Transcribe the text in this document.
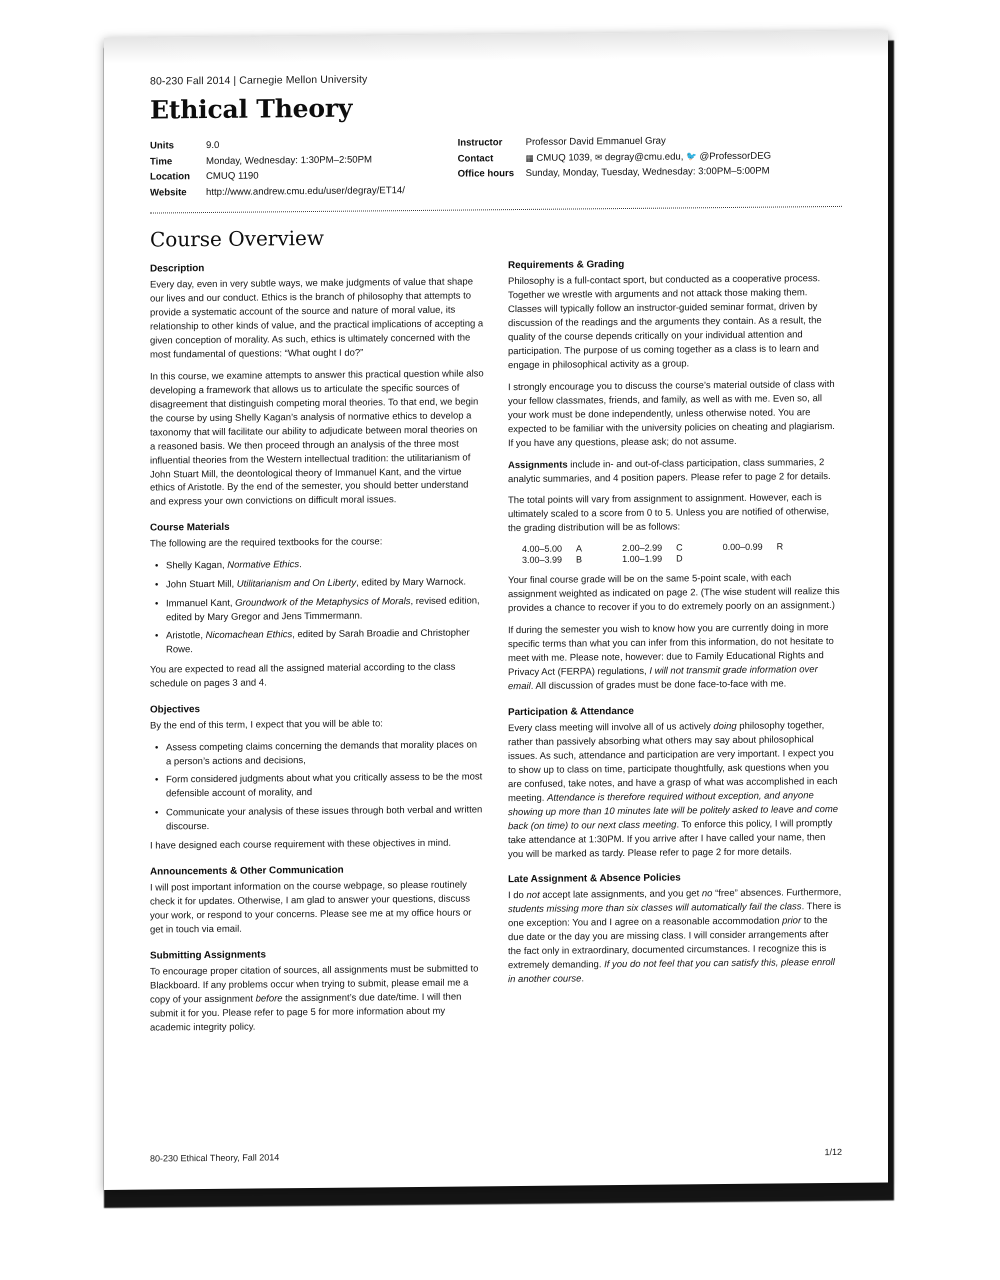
80-230 Fall 2014 | Carnegie Mellon University
Ethical Theory
Units	9.0
Time	Monday, Wednesday: 1:30PM–2:50PM
Location	CMUQ 1190
Website	http://www.andrew.cmu.edu/user/degray/ET14/
Instructor	Professor David Emmanuel Gray
Contact	▦ CMUQ 1039, ✉ degray@cmu.edu, 🐦 @ProfessorDEG
Office hours	Sunday, Monday, Tuesday, Wednesday: 3:00PM–5:00PM
Course Overview
Description

Every day, even in very subtle ways, we make judgments of value that shape our lives and our conduct. Ethics is the branch of philosophy that attempts to provide a systematic account of the source and nature of moral value, its relationship to other kinds of value, and the practical implications of accepting a given conception of morality. As such, ethics is ultimately concerned with the most fundamental of questions: “What ought I do?”

In this course, we examine attempts to answer this practical question while also developing a framework that allows us to articulate the specific sources of disagreement that distinguish competing moral theories. To that end, we begin the course by using Shelly Kagan’s analysis of normative ethics to develop a taxonomy that will facilitate our ability to adjudicate between moral theories on a reasoned basis. We then proceed through an analysis of the three most influential theories from the Western intellectual tradition: the utilitarianism of John Stuart Mill, the deontological theory of Immanuel Kant, and the virtue ethics of Aristotle. By the end of the semester, you should better understand and express your own convictions on difficult moral issues.

Course Materials

The following are the required textbooks for the course:

• Shelly Kagan, Normative Ethics.
• John Stuart Mill, Utilitarianism and On Liberty, edited by Mary Warnock.
• Immanuel Kant, Groundwork of the Metaphysics of Morals, revised edition, edited by Mary Gregor and Jens Timmermann.
• Aristotle, Nicomachean Ethics, edited by Sarah Broadie and Christopher Rowe.

You are expected to read all the assigned material according to the class schedule on pages 3 and 4.

Objectives

By the end of this term, I expect that you will be able to:

• Assess competing claims concerning the demands that morality places on a person’s actions and decisions,
• Form considered judgments about what you critically assess to be the most defensible account of morality, and
• Communicate your analysis of these issues through both verbal and written discourse.

I have designed each course requirement with these objectives in mind.

Announcements & Other Communication

I will post important information on the course webpage, so please routinely check it for updates. Otherwise, I am glad to answer your questions, discuss your work, or respond to your concerns. Please see me at my office hours or get in touch via email.

Submitting Assignments

To encourage proper citation of sources, all assignments must be submitted to Blackboard. If any problems occur when trying to submit, please email me a copy of your assignment before the assignment’s due date/time. I will then submit it for you. Please refer to page 5 for more information about my academic integrity policy.

Requirements & Grading

Philosophy is a full-contact sport, but conducted as a cooperative process. Together we wrestle with arguments and not attack those making them. Classes will typically follow an instructor-guided seminar format, driven by discussion of the readings and the arguments they contain. As a result, the quality of the course depends critically on your individual attention and participation. The purpose of us coming together as a class is to learn and engage in philosophical activity as a group.

I strongly encourage you to discuss the course’s material outside of class with your fellow classmates, friends, and family, as well as with me. Even so, all your work must be done independently, unless otherwise noted. You are expected to be familiar with the university policies on cheating and plagiarism. If you have any questions, please ask; do not assume.

Assignments include in- and out-of-class participation, class summaries, 2 analytic summaries, and 4 position papers. Please refer to page 2 for details.

The total points will vary from assignment to assignment. However, each is ultimately scaled to a score from 0 to 5. Unless you are notified of otherwise, the grading distribution will be as follows:

4.00–5.00	A	2.00–2.99	C	0.00–0.99	R
3.00–3.99	B	1.00–1.99	D		

Your final course grade will be on the same 5-point scale, with each assignment weighted as indicated on page 2. (The wise student will realize this provides a chance to recover if you to do extremely poorly on an assignment.)

If during the semester you wish to know how you are currently doing in more specific terms than what you can infer from this information, do not hesitate to meet with me. Please note, however: due to Family Educational Rights and Privacy Act (FERPA) regulations, I will not transmit grade information over email. All discussion of grades must be done face-to-face with me.

Participation & Attendance

Every class meeting will involve all of us actively doing philosophy together, rather than passively absorbing what others may say about philosophical issues. As such, attendance and participation are very important. I expect you to show up to class on time, participate thoughtfully, ask questions when you are confused, take notes, and have a grasp of what was accomplished in each meeting. Attendance is therefore required without exception, and anyone showing up more than 10 minutes late will be politely asked to leave and come back (on time) to our next class meeting. To enforce this policy, I will promptly take attendance at 1:30PM. If you arrive after I have called your name, then you will be marked as tardy. Please refer to page 2 for more details.

Late Assignment & Absence Policies

I do not accept late assignments, and you get no “free” absences. Furthermore, students missing more than six classes will automatically fail the class. There is one exception: You and I agree on a reasonable accommodation prior to the due date or the day you are missing class. I will consider arrangements after the fact only in extraordinary, documented circumstances. I recognize this is extremely demanding. If you do not feel that you can satisfy this, please enroll in another course.

80-230 Ethical Theory, Fall 2014
1/12
